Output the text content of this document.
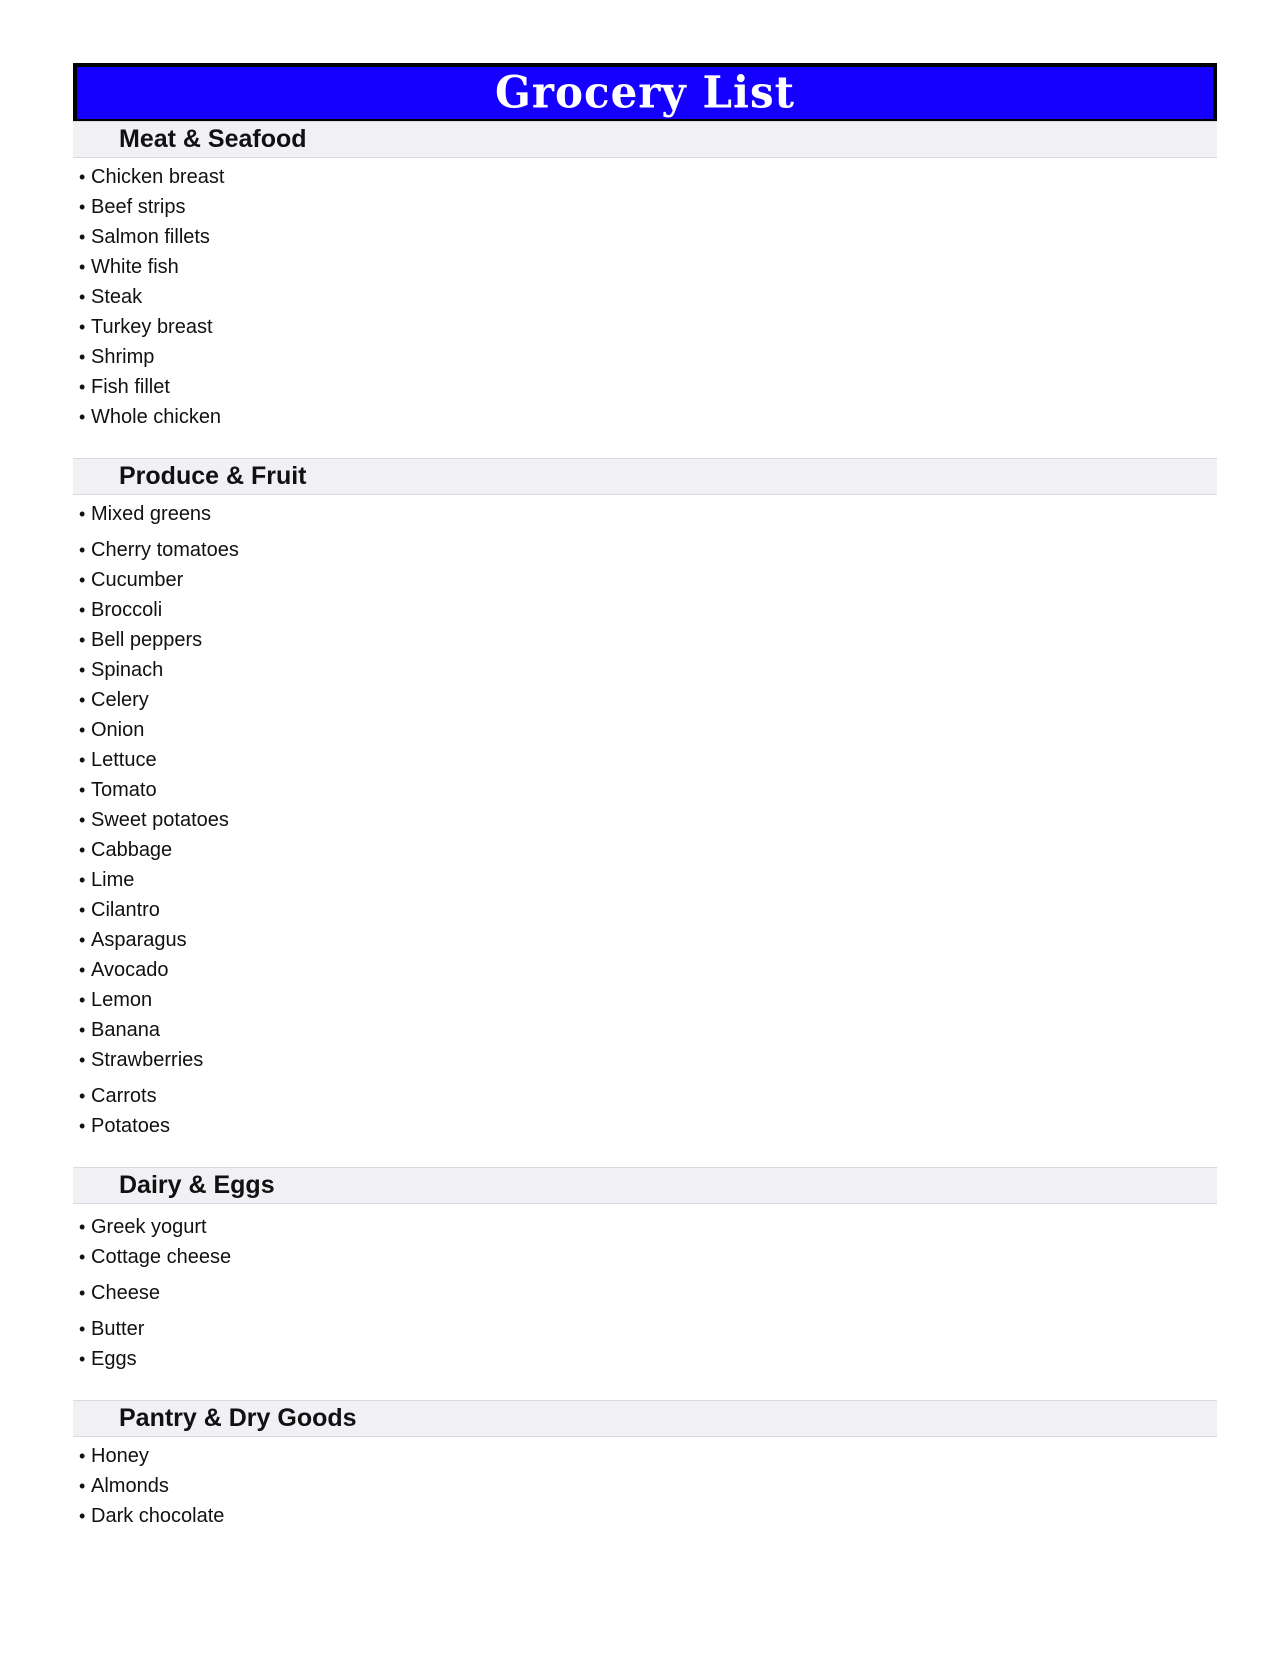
Grocery List
Meat & Seafood
• Chicken breast
• Beef strips
• Salmon fillets
• White fish
• Steak
• Turkey breast
• Shrimp
• Fish fillet
• Whole chicken
Produce & Fruit
• Mixed greens
• Cherry tomatoes
• Cucumber
• Broccoli
• Bell peppers
• Spinach
• Celery
• Onion
• Lettuce
• Tomato
• Sweet potatoes
• Cabbage
• Lime
• Cilantro
• Asparagus
• Avocado
• Lemon
• Banana
• Strawberries
• Carrots
• Potatoes
Dairy & Eggs
• Greek yogurt
• Cottage cheese
• Cheese
• Butter
• Eggs
Pantry & Dry Goods
• Honey
• Almonds
• Dark chocolate
